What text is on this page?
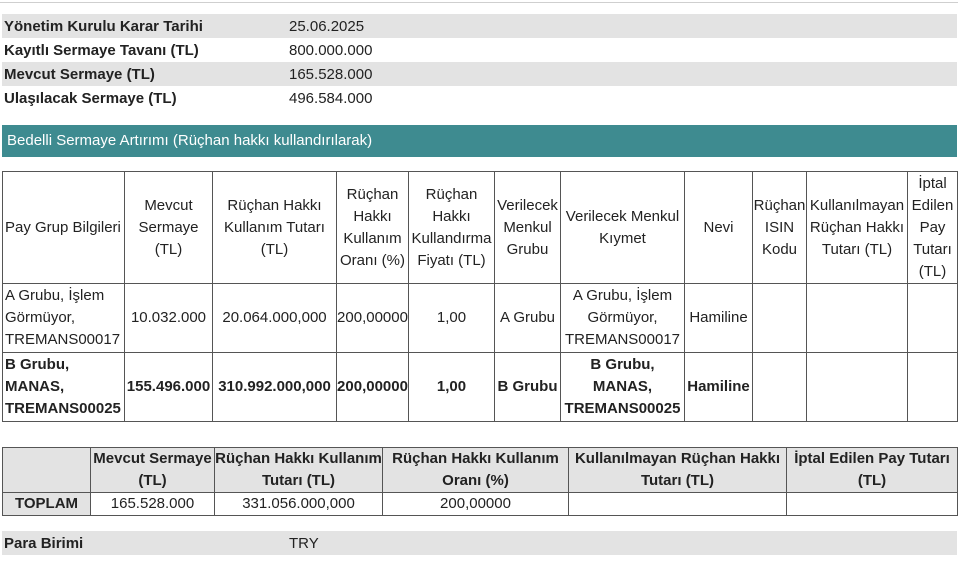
Yönetim Kurulu Karar Tarihi	25.06.2025
Kayıtlı Sermaye Tavanı (TL)	800.000.000
Mevcut Sermaye (TL)	165.528.000
Ulaşılacak Sermaye (TL)	496.584.000
Bedelli Sermaye Artırımı (Rüçhan hakkı kullandırılarak)
Pay Grup Bilgileri	Mevcut Sermaye (TL)	Rüçhan Hakkı Kullanım Tutarı (TL)	Rüçhan Hakkı Kullanım Oranı (%)	Rüçhan Hakkı Kullandırma Fiyatı (TL)	Verilecek Menkul Grubu	Verilecek Menkul Kıymet	Nevi	Rüçhan ISIN Kodu	Kullanılmayan Rüçhan Hakkı Tutarı (TL)	İptal Edilen Pay Tutarı (TL)
A Grubu, İşlem Görmüyor, TREMANS00017	10.032.000	20.064.000,000	200,00000	1,00	A Grubu	A Grubu, İşlem Görmüyor, TREMANS00017	Hamiline			
B Grubu, MANAS, TREMANS00025	155.496.000	310.992.000,000	200,00000	1,00	B Grubu	B Grubu, MANAS, TREMANS00025	Hamiline			
	Mevcut Sermaye (TL)	Rüçhan Hakkı Kullanım Tutarı (TL)	Rüçhan Hakkı Kullanım Oranı (%)	Kullanılmayan Rüçhan Hakkı Tutarı (TL)	İptal Edilen Pay Tutarı (TL)
TOPLAM	165.528.000	331.056.000,000	200,00000		
Para Birimi	TRY
